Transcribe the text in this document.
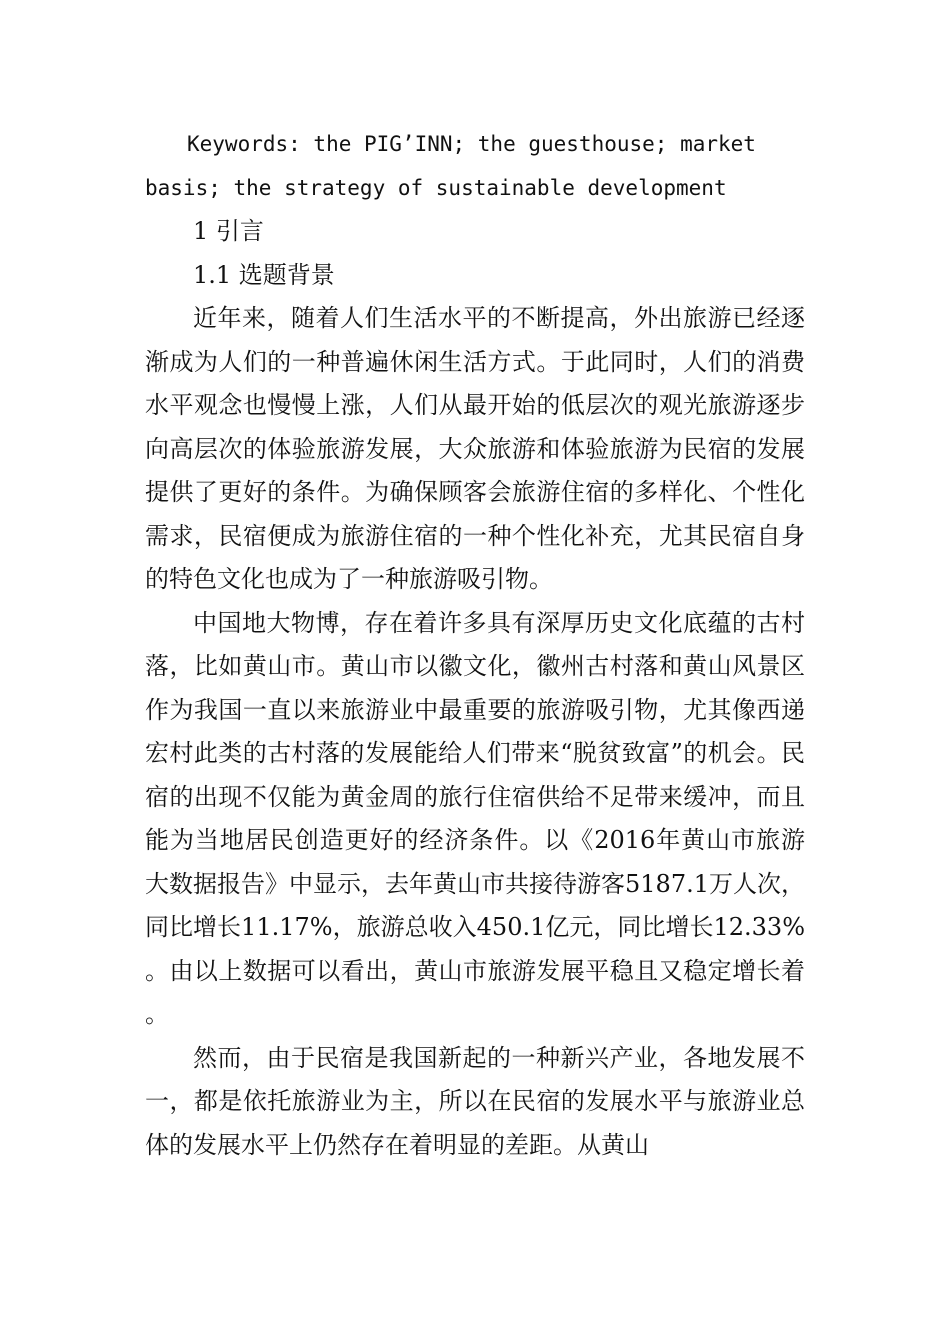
Keywords: the PIG’INN; the guesthouse; market basis; the strategy of sustainable development

1 引言

1.1 选题背景

近年来，随着人们生活水平的不断提高，外出旅游已经逐渐成为人们的一种普遍休闲生活方式。于此同时，人们的消费水平观念也慢慢上涨，人们从最开始的低层次的观光旅游逐步向高层次的体验旅游发展，大众旅游和体验旅游为民宿的发展提供了更好的条件。为确保顾客会旅游住宿的多样化、个性化需求，民宿便成为旅游住宿的一种个性化补充，尤其民宿自身的特色文化也成为了一种旅游吸引物。

中国地大物博，存在着许多具有深厚历史文化底蕴的古村落，比如黄山市。黄山市以徽文化，徽州古村落和黄山风景区作为我国一直以来旅游业中最重要的旅游吸引物，尤其像西递宏村此类的古村落的发展能给人们带来“脱贫致富”的机会。民宿的出现不仅能为黄金周的旅行住宿供给不足带来缓冲，而且能为当地居民创造更好的经济条件。以《2016年黄山市旅游大数据报告》中显示，去年黄山市共接待游客5187.1万人次，同比增长11.17%，旅游总收入450.1亿元，同比增长12.33%。由以上数据可以看出，黄山市旅游发展平稳且又稳定增长着。

然而，由于民宿是我国新起的一种新兴产业，各地发展不一，都是依托旅游业为主，所以在民宿的发展水平与旅游业总体的发展水平上仍然存在着明显的差距。从黄山
